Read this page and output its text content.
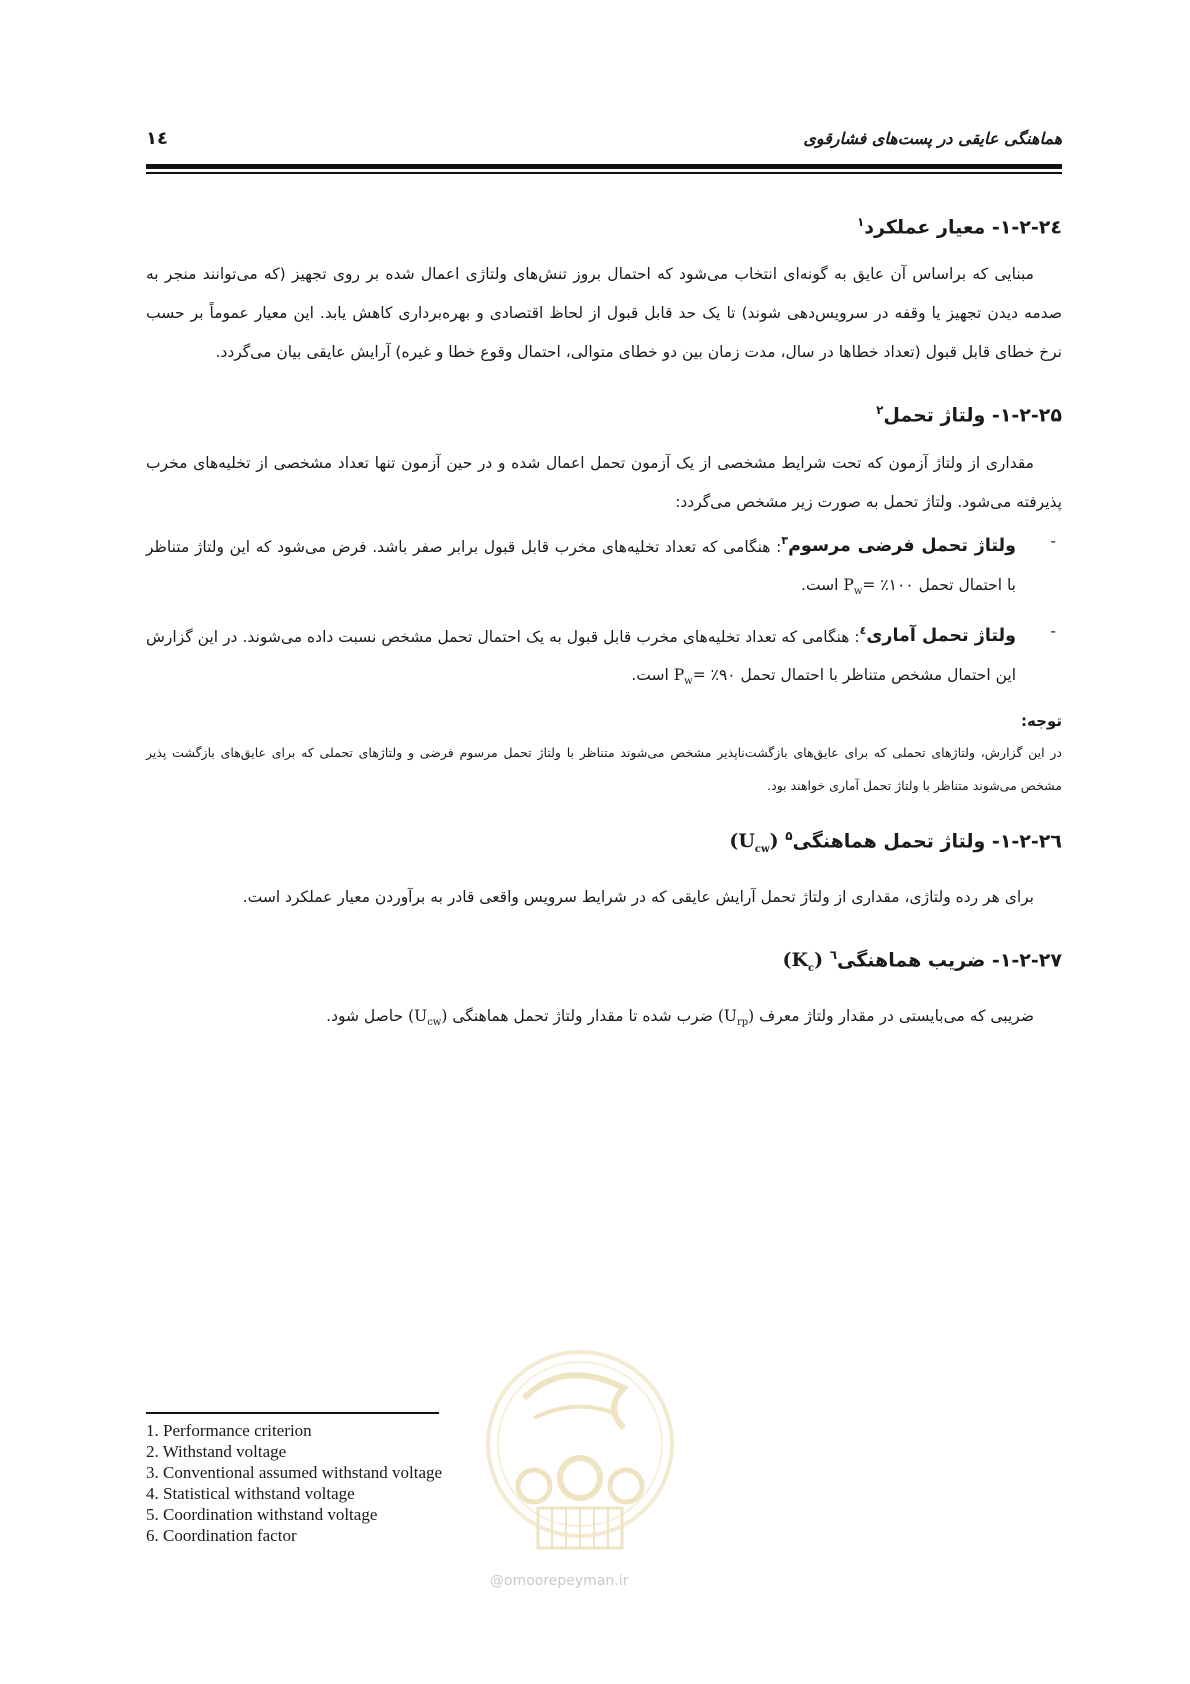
۱٤	هماهنگی عایقی در پست‌های فشارقوی
۱-۲-۲٤- معیار عملکرد$^۱$

مبنایی که براساس آن عایق به گونه‌ای انتخاب می‌شود که احتمال بروز تنش‌های ولتاژی اعمال شده بر روی تجهیز (که می‌توانند منجر به صدمه دیدن تجهیز یا وقفه در سرویس‌دهی شوند) تا یک حد قابل قبول از لحاظ اقتصادی و بهره‌برداری کاهش یابد. این معیار عموماً بر حسب نرخ خطای قابل قبول (تعداد خطاها در سال، مدت زمان بین دو خطای متوالی، احتمال وقوع خطا و غیره) آرایش عایقی بیان می‌گردد.

۱-۲-۲۵- ولتاژ تحمل$^۲$

مقداری از ولتاژ آزمون که تحت شرایط مشخصی از یک آزمون تحمل اعمال شده و در حین آزمون تنها تعداد مشخصی از تخلیه‌های مخرب پذیرفته می‌شود. ولتاژ تحمل به صورت زیر مشخص می‌گردد:

-
ولتاژ تحمل فرضی مرسوم$^۳$: هنگامی که تعداد تخلیه‌های مخرب قابل قبول برابر صفر باشد. فرض می‌شود که این ولتاژ متناظر با احتمال تحمل $P_w=$ ٪۱۰۰ است.
-
ولتاژ تحمل آماری$^٤$: هنگامی که تعداد تخلیه‌های مخرب قابل قبول به یک احتمال تحمل مشخص نسبت داده می‌شوند. در این گزارش این احتمال مشخص متناظر با احتمال تحمل $P_w=$ ٪۹۰ است.
توجه:
در این گزارش، ولتاژهای تحملی که برای عایق‌های بازگشت‌ناپذیر مشخص می‌شوند متناظر با ولتاژ تحمل مرسوم فرضی و ولتاژهای تحملی که برای عایق‌های بازگشت پذیر مشخص می‌شوند متناظر با ولتاژ تحمل آماری خواهند بود.
۱-۲-۲٦- ولتاژ تحمل هماهنگی$^۵$ $(U_{cw})$

برای هر رده ولتاژی، مقداری از ولتاژ تحمل آرایش عایقی که در شرایط سرویس واقعی قادر به برآوردن معیار عملکرد است.

۱-۲-۲۷- ضریب هماهنگی$^٦$ $(K_c)$

ضریبی که می‌بایستی در مقدار ولتاژ معرف $(U_{rp})$ ضرب شده تا مقدار ولتاژ تحمل هماهنگی $(U_{cw})$ حاصل شود.

@omoorepeyman.ir
1. Performance criterion
2. Withstand voltage
3. Conventional assumed withstand voltage
4. Statistical withstand voltage
5. Coordination withstand voltage
6. Coordination factor
